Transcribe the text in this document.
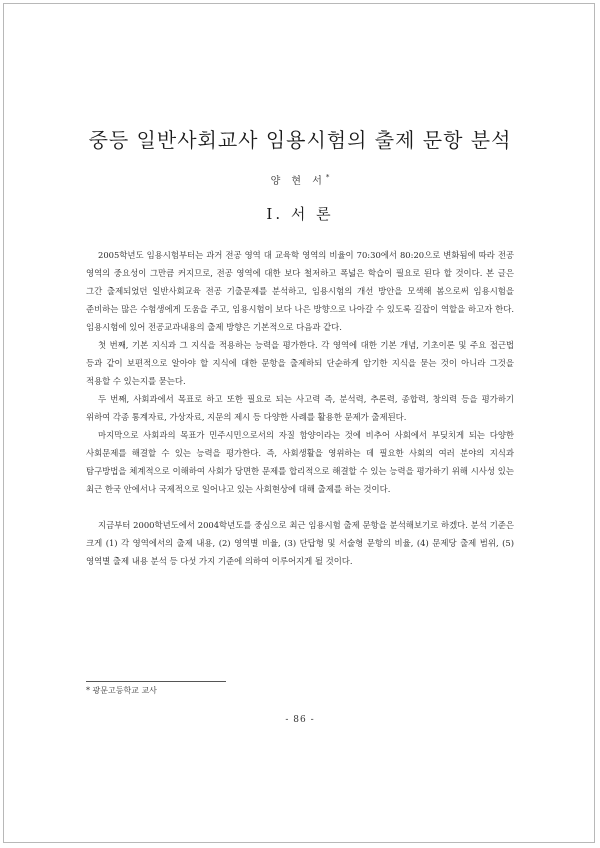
중등 일반사회교사 임용시험의 출제 문항 분석
양 현 서*
Ⅰ. 서 론

2005학년도 임용시험부터는 과거 전공 영역 대 교육학 영역의 비율이 70:30에서 80:20으로 변화됨에 따라 전공 영역의 중요성이 그만큼 커지므로, 전공 영역에 대한 보다 철저하고 폭넓은 학습이 필요로 된다 할 것이다. 본 글은 그간 출제되었던 일반사회교육 전공 기출문제를 분석하고, 임용시험의 개선 방안을 모색해 봄으로써 임용시험을 준비하는 많은 수험생에게 도움을 주고, 임용시험이 보다 나은 방향으로 나아갈 수 있도록 길잡이 역할을 하고자 한다. 임용시험에 있어 전공교과내용의 출제 방향은 기본적으로 다음과 같다.

첫 번째, 기본 지식과 그 지식을 적용하는 능력을 평가한다. 각 영역에 대한 기본 개념, 기초이론 및 주요 접근법 등과 같이 보편적으로 알아야 할 지식에 대한 문항을 출제하되 단순하게 암기한 지식을 묻는 것이 아니라 그것을 적용할 수 있는지를 묻는다.

두 번째, 사회과에서 목표로 하고 또한 필요로 되는 사고력 즉, 분석력, 추론력, 종합력, 창의력 등을 평가하기 위하여 각종 통계자료, 가상자료, 지문의 제시 등 다양한 사례를 활용한 문제가 출제된다.

마지막으로 사회과의 목표가 민주시민으로서의 자질 함양이라는 것에 비추어 사회에서 부딪치게 되는 다양한 사회문제를 해결할 수 있는 능력을 평가한다. 즉, 사회생활을 영위하는 데 필요한 사회의 여러 분야의 지식과 탐구방법을 체계적으로 이해하여 사회가 당면한 문제를 합리적으로 해결할 수 있는 능력을 평가하기 위해 시사성 있는 최근 한국 안에서나 국제적으로 일어나고 있는 사회현상에 대해 출제를 하는 것이다.

지금부터 2000학년도에서 2004학년도를 중심으로 최근 임용시험 출제 문항을 분석해보기로 하겠다. 분석 기준은 크게 (1) 각 영역에서의 출제 내용, (2) 영역별 비율, (3) 단답형 및 서술형 문항의 비율, (4) 문제당 출제 범위, (5) 영역별 출제 내용 분석 등 다섯 가지 기준에 의하여 이루어지게 될 것이다.

* 광문고등학교 교사
- 86 -
